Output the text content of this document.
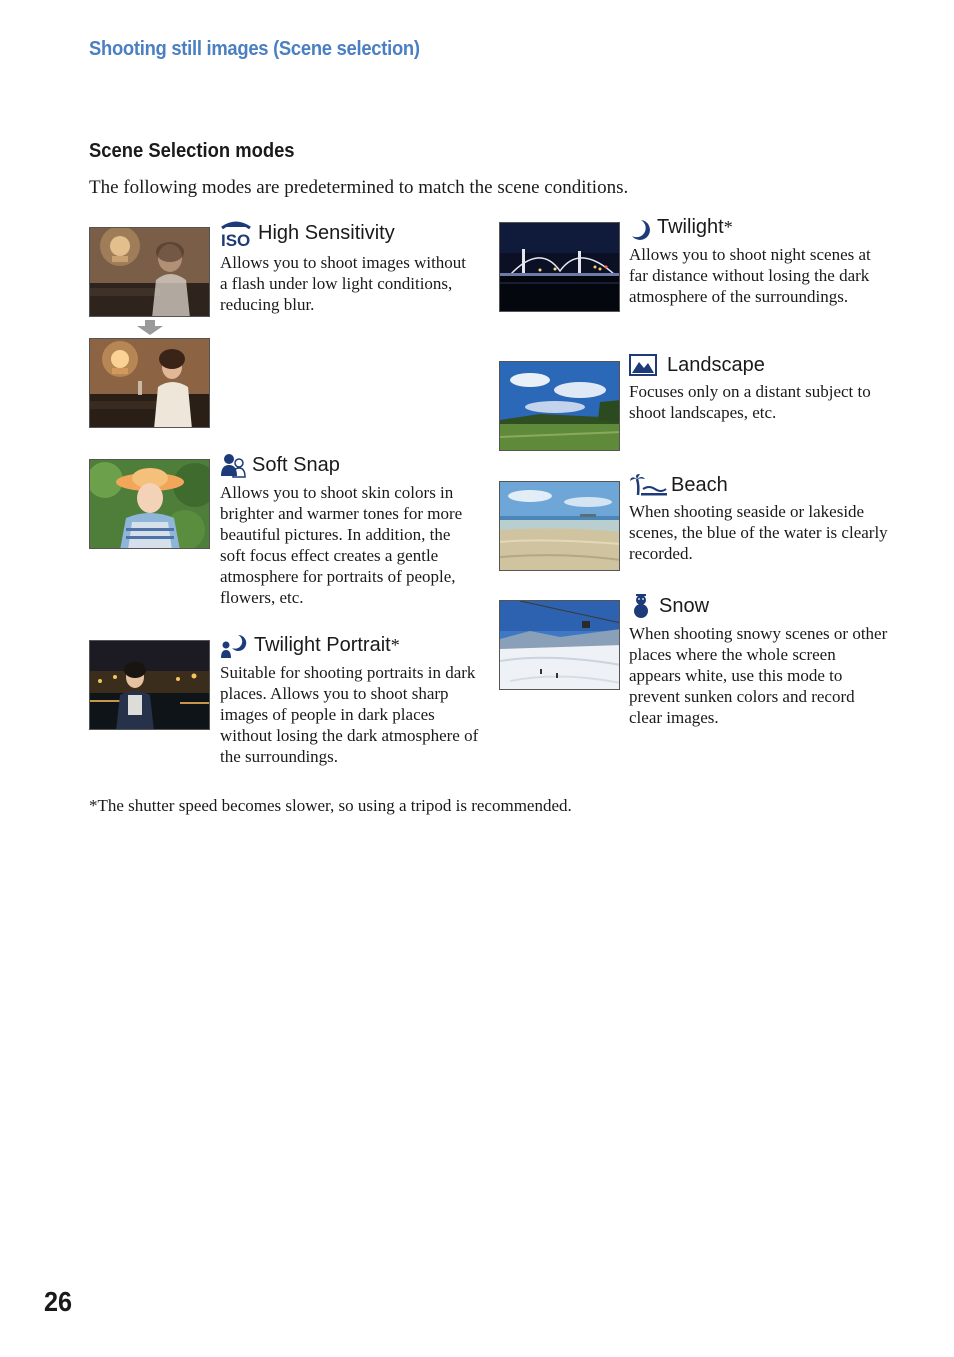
Shooting still images (Scene selection)
Scene Selection modes

The following modes are predetermined to match the scene conditions.

ISO High Sensitivity

Allows you to shoot images without a flash under low light conditions, reducing blur.

Soft Snap

Allows you to shoot skin colors in brighter and warmer tones for more beautiful pictures. In addition, the soft focus effect creates a gentle atmosphere for portraits of people, flowers, etc.

Twilight Portrait *

Suitable for shooting portraits in dark places. Allows you to shoot sharp images of people in dark places without losing the dark atmosphere of the surroundings.

Twilight *

Allows you to shoot night scenes at far distance without losing the dark atmosphere of the surroundings.

Landscape

Focuses only on a distant subject to shoot landscapes, etc.

Beach

When shooting seaside or lakeside scenes, the blue of the water is clearly recorded.

Snow

When shooting snowy scenes or other places where the whole screen appears white, use this mode to prevent sunken colors and record clear images.

*The shutter speed becomes slower, so using a tripod is recommended.

26
